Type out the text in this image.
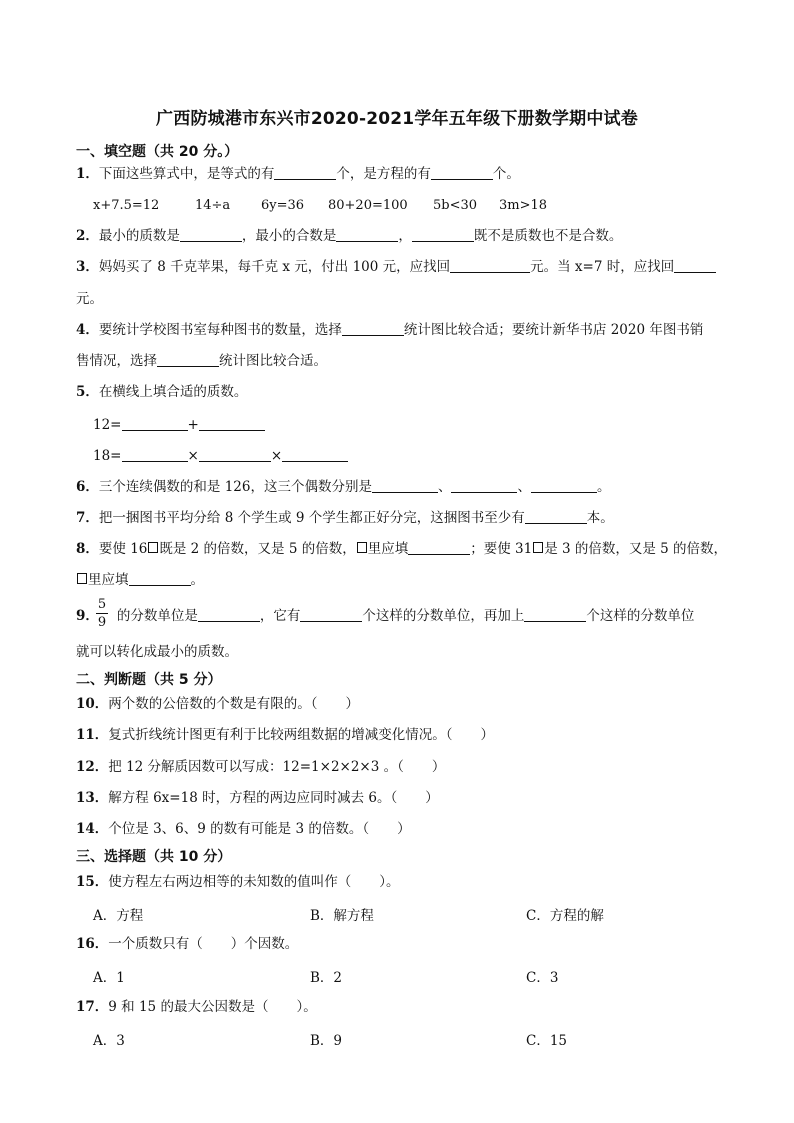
广西防城港市东兴市2020-2021学年五年级下册数学期中试卷
一、填空题（共 20 分。）
1．下面这些算式中，是等式的有	个，是方程的有	个。
x+7.5=12	14÷a 6y=36 80+20=100 5b<30 3m>18
2．最小的质数是	，最小的合数是	，	既不是质数也不是合数。
3．妈妈买了 8 千克苹果，每千克 x 元，付出 100 元，应找回	元。当 x=7 时，应找回
元。
4．要统计学校图书室每种图书的数量，选择	统计图比较合适；要统计新华书店 2020 年图书销
售情况，选择	统计图比较合适。
5．在横线上填合适的质数。
12=	+
18=	×	×
6．三个连续偶数的和是 126，这三个偶数分别是	、	、	。
7．把一捆图书平均分给 8 个学生或 9 个学生都正好分完，这捆图书至少有	本。
8．要使 16 既是 2 的倍数，又是 5 的倍数， 里应填	；要使 31 是 3 的倍数，又是 5 的倍数，
里应填	。
9． 的分数单位是	，它有	个这样的分数单位，再加上	个这样的分数单位
5
9
就可以转化成最小的质数。
二、判断题（共 5 分）
10．两个数的公倍数的个数是有限的。（ ）
11．复式折线统计图更有利于比较两组数据的增减变化情况。（ ）
12．把 12 分解质因数可以写成：12=1×2×2×3 。（ ）
13．解方程 6x=18 时，方程的两边应同时减去 6。（ ）
14．个位是 3、6、9 的数有可能是 3 的倍数。（ ）
三、选择题（共 10 分）
15．使方程左右两边相等的未知数的值叫作（ ）。
A．方程	B．解方程	C．方程的解
16．一个质数只有（ ）个因数。
A．1	B．2	C．3
17．9 和 15 的最大公因数是（ ）。
A．3	B．9	C．15
